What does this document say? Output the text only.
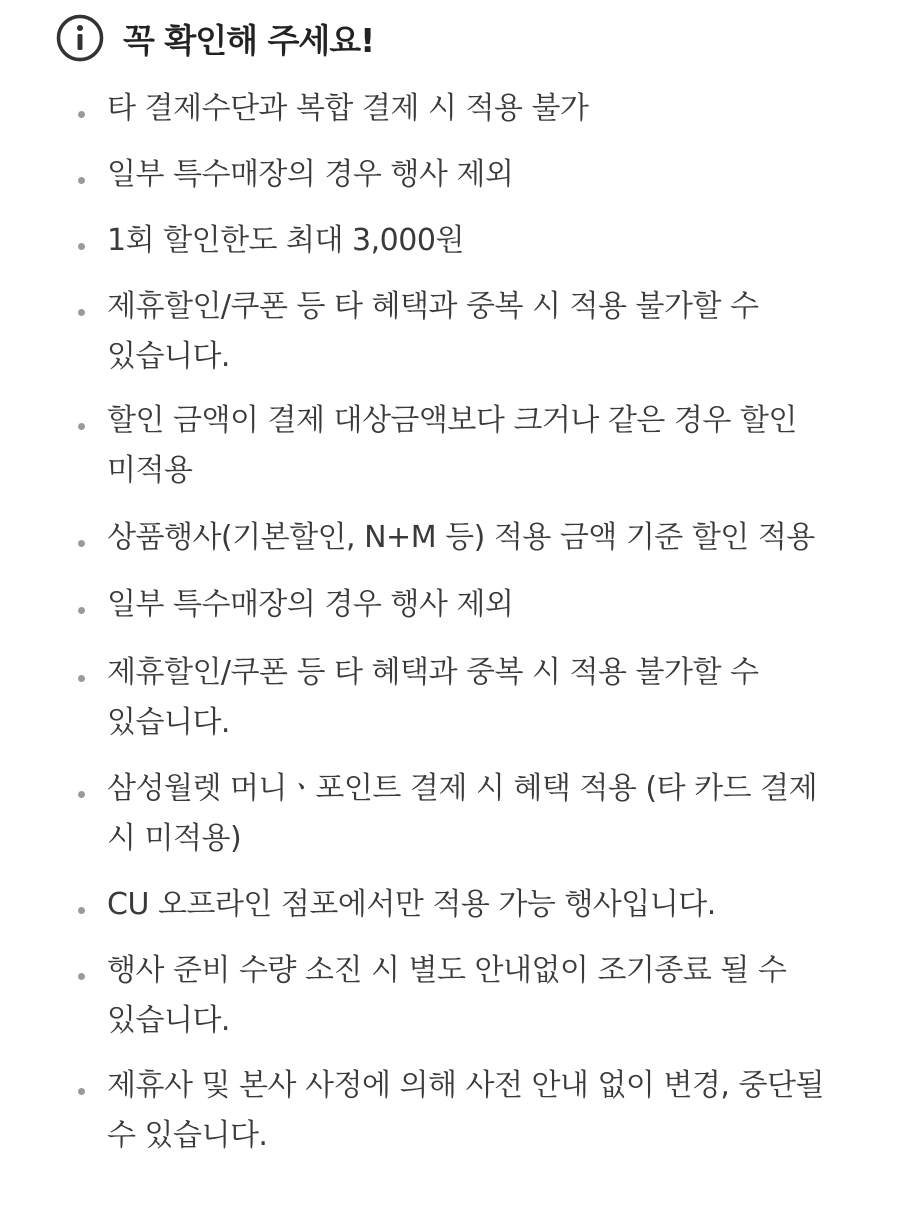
꼭 확인해 주세요!
타 결제수단과 복합 결제 시 적용 불가
일부 특수매장의 경우 행사 제외
1회 할인한도 최대 3,000원
제휴할인/쿠폰 등 타 혜택과 중복 시 적용 불가할 수 있습니다.
할인 금액이 결제 대상금액보다 크거나 같은 경우 할인 미적용
상품행사(기본할인, N+M 등) 적용 금액 기준 할인 적용
일부 특수매장의 경우 행사 제외
제휴할인/쿠폰 등 타 혜택과 중복 시 적용 불가할 수 있습니다.
삼성월렛 머니ㆍ포인트 결제 시 혜택 적용 (타 카드 결제 시 미적용)
CU 오프라인 점포에서만 적용 가능 행사입니다.
행사 준비 수량 소진 시 별도 안내없이 조기종료 될 수 있습니다.
제휴사 및 본사 사정에 의해 사전 안내 없이 변경, 중단될 수 있습니다.
